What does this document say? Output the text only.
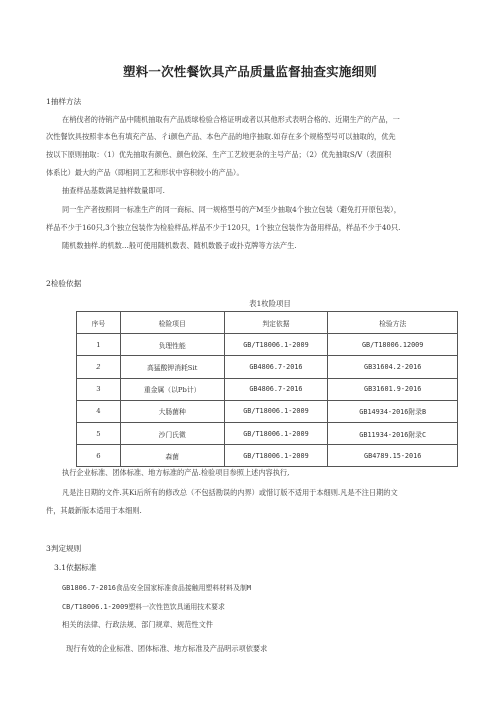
塑料一次性餐饮具产品质量监督抽查实施细则
1抽样方法
在梢伐者的待销产品中随机抽取有产品质球检验合格证明或者以其他形式表明合格的、近期生产的产品，一
次性餐饮具按照非本色有填充产品、彳i颜色产品、本色产品的地序抽取.如存在多个规格型号可以抽取的，优先
按以下原则抽取：（1）优先抽取有颜色、颜色较深、生产工艺较更杂的主号产品；（2）优先抽取S/V（表面积
体系比）最大的产品（即相同工艺和形状中容积较小的产品）。
抽查样品基数满足抽样数量即可.
同一生产者按照同一标准生产的同一商标、同一规格型号的产M至少抽取4个独立包装（避免打开原包装），
样品不少于160只,3个独立包装作为检验样品,样品不少于120只，1个独立包装作为备用样品，样品不少于40只.
随机数抽样.的机数…般可使用随机数表、随机数骰子或扑克牌等方法产生.
2检验依据
表1枚险项目
序号	检险项目	判定依据	检验方法
1	负理性能	GB/T18006.1-2009	GB/T18006.12009
2	高猛酸钾消耗Sit	GB4806.7-2016	GB31604.2-2016
3	重金属（以Pb计）	GB4806.7-2016	GB31601.9-2016
4	大肠菌种	GB/T18006.1-2009	GB14934-2016附录B
5	沙门氏微	GB/T18006.1-2009	GB11934-2016附录C
6	森菌	GB/T18006.1-2009	GB4789.15-2016
执行企业标准、团体标准、地方标准的产品.检验项目参照上述内容执行,
凡是注日期的文件.其Ki后所有的修改总（不包括勘误的内界）或惜订版不适用于本细则.凡是不注日期的文
件，其最新版本适用于本细则.
3判定规则
3.1依据标准
GB1806.7-2016食品安全国家标准食品接触用塑料材料及制M
CB/T18006.1-2009塑料一次性笆饮具通用技术要求
相关的法律、行政法规、部门规章、规范性文件
现行有效的企业标准、团体标准、地方标准及产品明示项依要求
